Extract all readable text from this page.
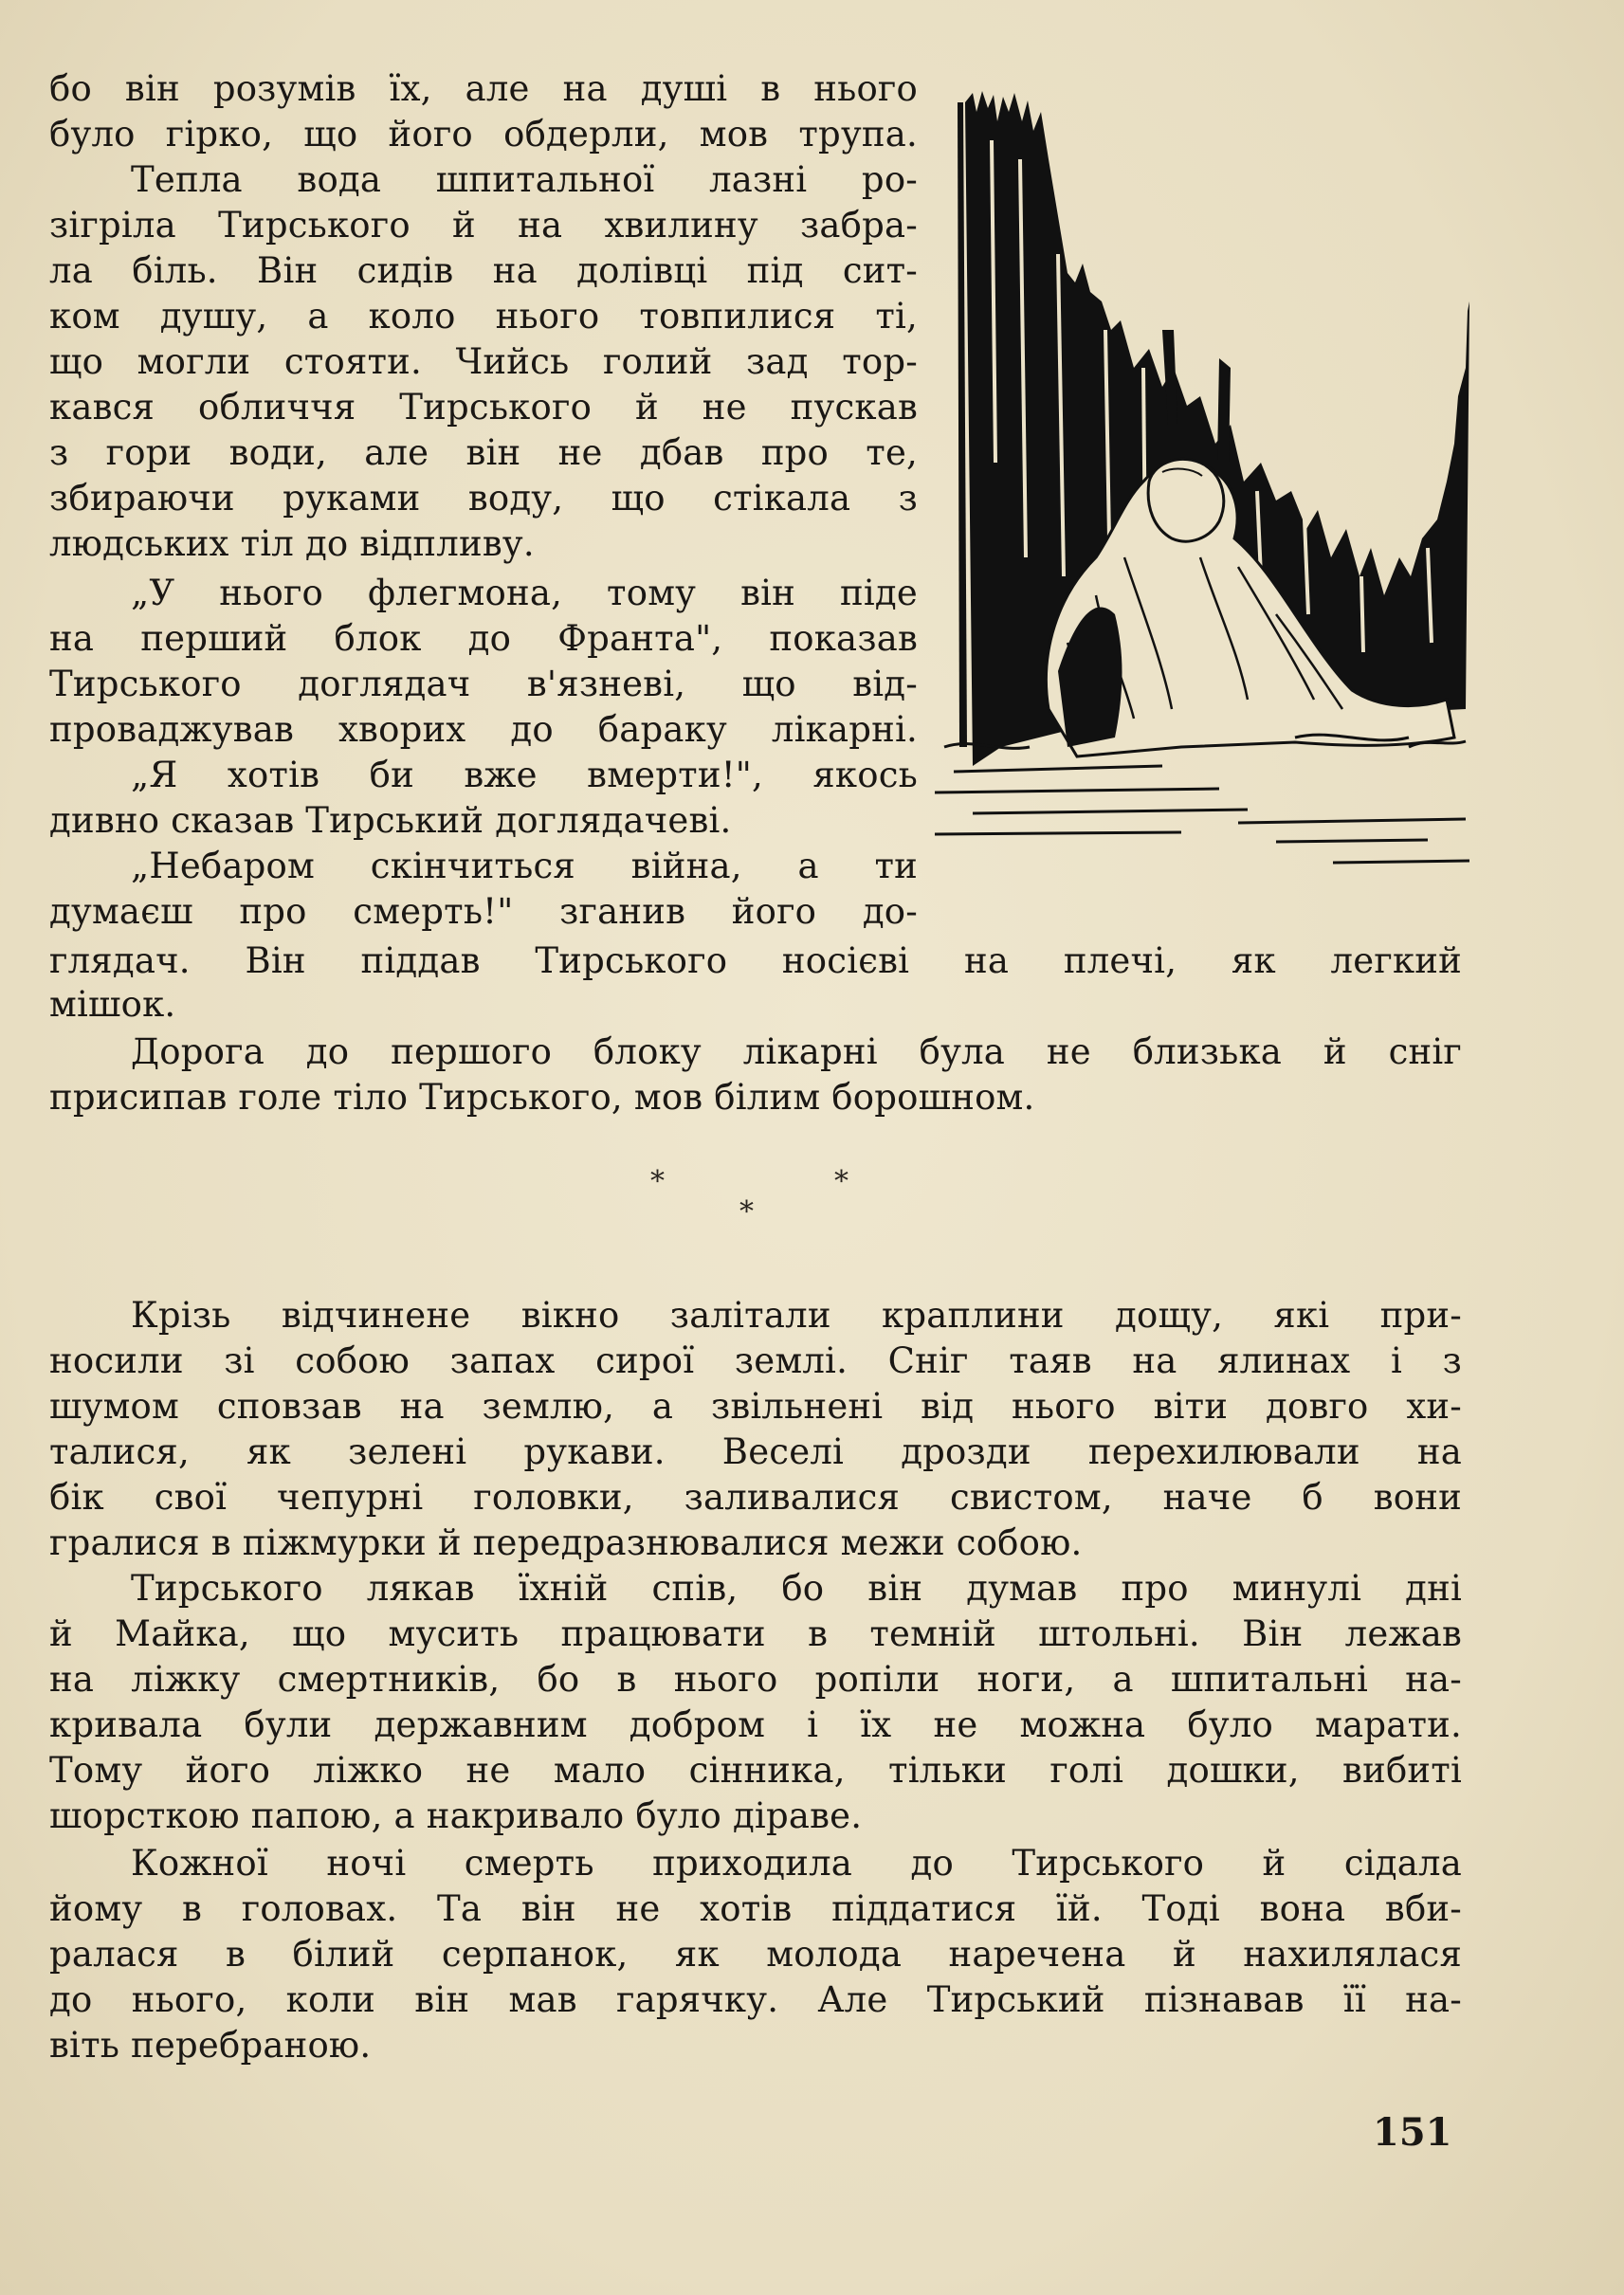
бо він розумів їх, але на душі в нього

було гірко, що його обдерли, мов трупа.

Тепла вода шпитальної лазні ро-

зігріла Тирського й на хвилину забра-

ла біль. Він сидів на долівці під сит-

ком душу, а коло нього товпилися ті,

що могли стояти. Чийсь голий зад тор-

кався обличчя Тирського й не пускав

з гори води, але він не дбав про те,

збираючи руками воду, що стікала з

людських тіл до відпливу.

„У нього флегмона, тому він піде

на перший блок до Франта", показав

Тирського доглядач в'язневі, що від-

проваджував хворих до бараку лікарні.

„Я хотів би вже вмерти!", якось

дивно сказав Тирський доглядачеві.

„Небаром скінчиться війна, а ти

думаєш про смерть!" зганив його до-

глядач. Він піддав Тирського носієві на плечі, як легкий

мішок.

Дорога до першого блоку лікарні була не близька й сніг

присипав голе тіло Тирського, мов білим борошном.

*
*
*

Крізь відчинене вікно залітали краплини дощу, які при-

носили зі собою запах сирої землі. Сніг таяв на ялинах і з

шумом сповзав на землю, а звільнені від нього віти довго хи-

талися, як зелені рукави. Веселі дрозди перехилювали на

бік свої чепурні головки, заливалися свистом, наче б вони

гралися в піжмурки й передразнювалися межи собою.

Тирського лякав їхній спів, бо він думав про минулі дні

й Майка, що мусить працювати в темній штольні. Він лежав

на ліжку смертників, бо в нього ропіли ноги, а шпитальні на-

кривала були державним добром і їх не можна було марати.

Тому його ліжко не мало сінника, тільки голі дошки, вибиті

шорсткою папою, а накривало було діраве.

Кожної ночі смерть приходила до Тирського й сідала

йому в головах. Та він не хотів піддатися їй. Тоді вона вби-

ралася в білий серпанок, як молода наречена й нахилялася

до нього, коли він мав гарячку. Але Тирський пізнавав її на-

віть перебраною.

151
